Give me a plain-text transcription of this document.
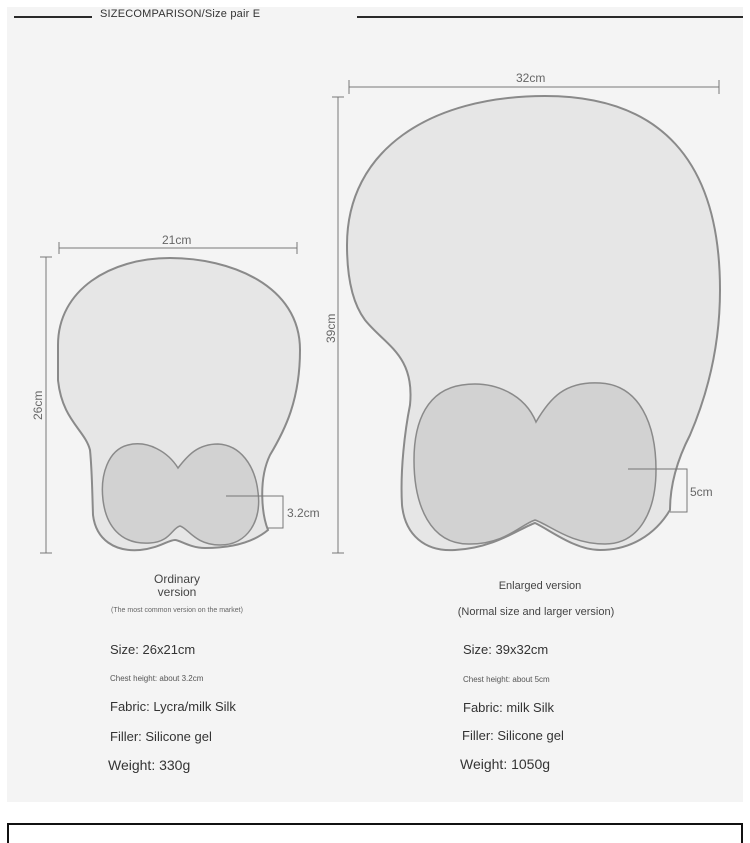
SIZECOMPARISON/Size pair E
21cm
26cm
3.2cm
Ordinary
version
(The most common version on the market)
Size: 26x21cm
Chest height: about 3.2cm
Fabric: Lycra/milk Silk
Filler: Silicone gel
Weight: 330g
32cm
39cm
5cm
Enlarged version
(Normal size and larger version)
Size: 39x32cm
Chest height: about 5cm
Fabric: milk Silk
Filler: Silicone gel
Weight: 1050g
